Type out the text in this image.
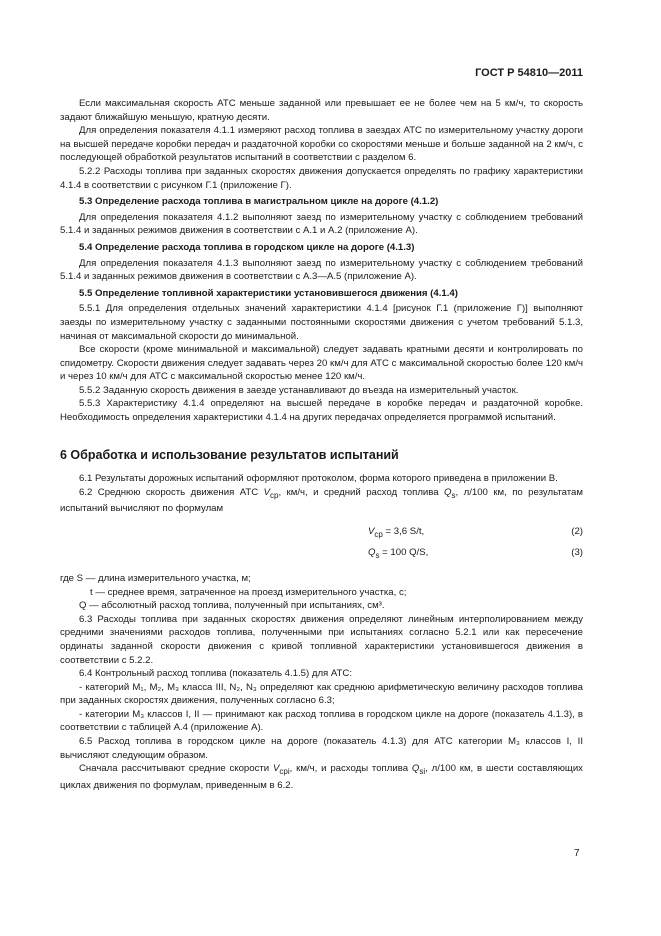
ГОСТ Р 54810—2011

Если максимальная скорость АТС меньше заданной или превышает ее не более чем на 5 км/ч, то скорость задают ближайшую меньшую, кратную десяти.

Для определения показателя 4.1.1 измеряют расход топлива в заездах АТС по измерительному участку дороги на высшей передаче коробки передач и раздаточной коробки со скоростями меньше и больше заданной на 2 км/ч, с последующей обработкой результатов испытаний в соответствии с разделом 6.

5.2.2 Расходы топлива при заданных скоростях движения допускается определять по графику характеристики 4.1.4 в соответствии с рисунком Г.1 (приложение Г).

5.3 Определение расхода топлива в магистральном цикле на дороге (4.1.2)

Для определения показателя 4.1.2 выполняют заезд по измерительному участку с соблюдением требований 5.1.4 и заданных режимов движения в соответствии с А.1 и А.2 (приложение А).

5.4 Определение расхода топлива в городском цикле на дороге (4.1.3)

Для определения показателя 4.1.3 выполняют заезд по измерительному участку с соблюдением требований 5.1.4 и заданных режимов движения в соответствии с А.3—А.5 (приложение А).

5.5 Определение топливной характеристики установившегося движения (4.1.4)

5.5.1 Для определения отдельных значений характеристики 4.1.4 [рисунок Г.1 (приложение Г)] выполняют заезды по измерительному участку с заданными постоянными скоростями движения с учетом требований 5.1.3, начиная от максимальной скорости до минимальной.

Все скорости (кроме минимальной и максимальной) следует задавать кратными десяти и контролировать по спидометру. Скорости движения следует задавать через 20 км/ч для АТС с максимальной скоростью более 120 км/ч и через 10 км/ч для АТС с максимальной скоростью менее 120 км/ч.

5.5.2 Заданную скорость движения в заезде устанавливают до въезда на измерительный участок.

5.5.3 Характеристику 4.1.4 определяют на высшей передаче в коробке передач и раздаточной коробке. Необходимость определения характеристики 4.1.4 на других передачах определяется программой испытаний.

6 Обработка и использование результатов испытаний

6.1 Результаты дорожных испытаний оформляют протоколом, форма которого приведена в приложении В.

6.2 Среднюю скорость движения АТС $V_{ср}$, км/ч, и средний расход топлива $Q_s$, л/100 км, по результатам испытаний вычисляют по формулам

$V_{ср} = 3,6$ S/t,	(2)
$Q_s = 100$ Q/S,	(3)

где S — длина измерительного участка, м;

t — среднее время, затраченное на проезд измерительного участка, с;

Q — абсолютный расход топлива, полученный при испытаниях, см³.

6.3 Расходы топлива при заданных скоростях движения определяют линейным интерполированием между средними значениями расходов топлива, полученными при испытаниях согласно 5.2.1 или как пересечение ординаты заданной скорости движения с кривой топливной характеристики установившегося движения в соответствии с 5.2.2.

6.4 Контрольный расход топлива (показатель 4.1.5) для АТС:

- категорий M₁, M₂, M₃ класса III, N₂, N₃ определяют как среднюю арифметическую величину расходов топлива при заданных скоростях движения, полученных согласно 6.3;

- категории M₃ классов I, II — принимают как расход топлива в городском цикле на дороге (показатель 4.1.3), в соответствии с таблицей А.4 (приложение А).

6.5 Расход топлива в городском цикле на дороге (показатель 4.1.3) для АТС категории M₃ классов I, II вычисляют следующим образом.

Сначала рассчитывают средние скорости $V_{срi}$, км/ч, и расходы топлива $Q_{si}$, л/100 км, в шести составляющих циклах движения по формулам, приведенным в 6.2.

7
